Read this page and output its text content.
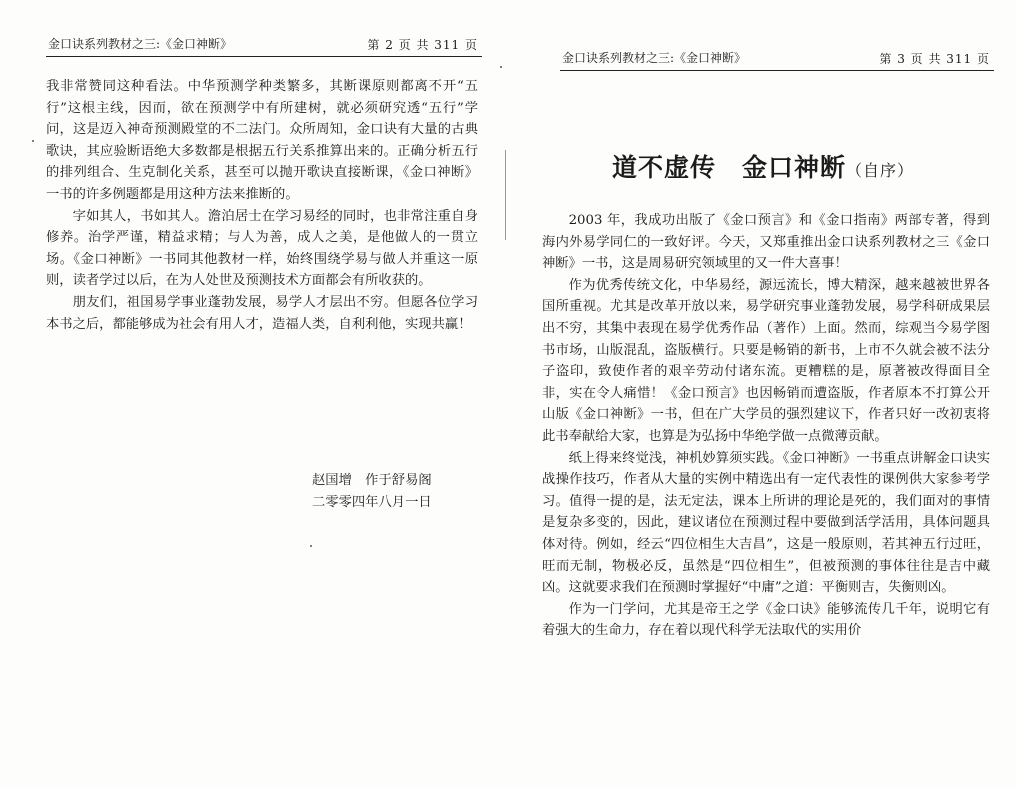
金口诀系列教材之三:《金口神断》	第 2 页 共 311 页

我非常赞同这种看法。中华预测学种类繁多，其断课原则都离不开“五行”这根主线，因而，欲在预测学中有所建树，就必须研究透“五行”学问，这是迈入神奇预测殿堂的不二法门。众所周知，金口诀有大量的古典歌诀，其应验断语绝大多数都是根据五行关系推算出来的。正确分析五行的排列组合、生克制化关系，甚至可以抛开歌诀直接断课，《金口神断》一书的许多例题都是用这种方法来推断的。

字如其人，书如其人。澹泊居士在学习易经的同时，也非常注重自身修养。治学严谨，精益求精；与人为善，成人之美，是他做人的一贯立场。《金口神断》一书同其他教材一样，始终围绕学易与做人并重这一原则，读者学过以后，在为人处世及预测技术方面都会有所收获的。

朋友们，祖国易学事业蓬勃发展，易学人才层出不穷。但愿各位学习本书之后，都能够成为社会有用人才，造福人类，自利利他，实现共赢！

赵国增　作于舒易阁
二零零四年八月一日
金口诀系列教材之三:《金口神断》	第 3 页 共 311 页
道不虚传 金口神断（自序）

2003 年，我成功出版了《金口预言》和《金口指南》两部专著，得到海内外易学同仁的一致好评。今天，又郑重推出金口诀系列教材之三《金口神断》一书，这是周易研究领域里的又一件大喜事！

作为优秀传统文化，中华易经，源远流长，博大精深，越来越被世界各国所重视。尤其是改革开放以来，易学研究事业蓬勃发展，易学科研成果层出不穷，其集中表现在易学优秀作品（著作）上面。然而，综观当今易学图书市场，山版混乱，盗版横行。只要是畅销的新书，上市不久就会被不法分子盗印，致使作者的艰辛劳动付诸东流。更糟糕的是，原著被改得面目全非，实在令人痛惜！《金口预言》也因畅销而遭盗版，作者原本不打算公开山版《金口神断》一书，但在广大学员的强烈建议下，作者只好一改初衷将此书奉献给大家，也算是为弘扬中华绝学做一点微薄贡献。

纸上得来终觉浅，神机妙算须实践。《金口神断》一书重点讲解金口诀实战操作技巧，作者从大量的实例中精选出有一定代表性的课例供大家参考学习。值得一提的是，法无定法，课本上所讲的理论是死的，我们面对的事情是复杂多变的，因此，建议诸位在预测过程中要做到活学活用，具体问题具体对待。例如，经云“四位相生大吉昌”，这是一般原则，若其神五行过旺，旺而无制，物极必反，虽然是“四位相生”，但被预测的事体往往是吉中藏凶。这就要求我们在预测时掌握好“中庸”之道：平衡则吉，失衡则凶。

作为一门学问，尤其是帝王之学《金口诀》能够流传几千年，说明它有着强大的生命力，存在着以现代科学无法取代的实用价
